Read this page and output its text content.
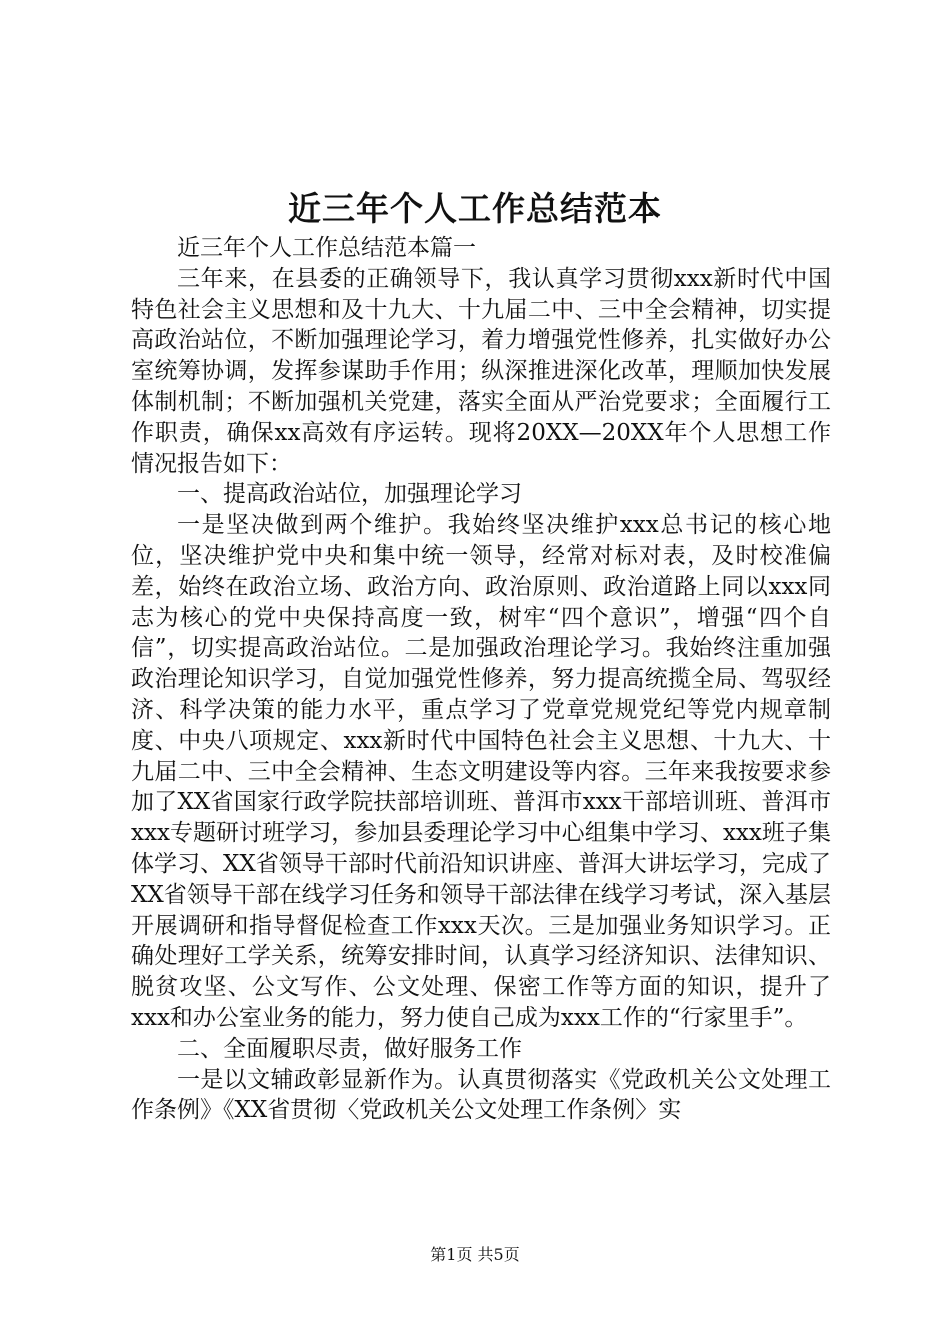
近三年个人工作总结范本

近三年个人工作总结范本篇一

三年来，在县委的正确领导下，我认真学习贯彻xxx新时代中国特色社会主义思想和及十九大、十九届二中、三中全会精神，切实提高政治站位，不断加强理论学习，着力增强党性修养，扎实做好办公室统筹协调，发挥参谋助手作用；纵深推进深化改革，理顺加快发展体制机制；不断加强机关党建，落实全面从严治党要求；全面履行工作职责，确保xx高效有序运转。现将20XX—20XX年个人思想工作情况报告如下：

一、提高政治站位，加强理论学习

一是坚决做到两个维护。我始终坚决维护xxx总书记的核心地位，坚决维护党中央和集中统一领导，经常对标对表，及时校准偏差，始终在政治立场、政治方向、政治原则、政治道路上同以xxx同志为核心的党中央保持高度一致，树牢“四个意识”，增强“四个自信”，切实提高政治站位。二是加强政治理论学习。我始终注重加强政治理论知识学习，自觉加强党性修养，努力提高统揽全局、驾驭经济、科学决策的能力水平，重点学习了党章党规党纪等党内规章制度、中央八项规定、xxx新时代中国特色社会主义思想、十九大、十九届二中、三中全会精神、生态文明建设等内容。三年来我按要求参加了XX省国家行政学院扶部培训班、普洱市xxx干部培训班、普洱市xxx专题研讨班学习，参加县委理论学习中心组集中学习、xxx班子集体学习、XX省领导干部时代前沿知识讲座、普洱大讲坛学习，完成了XX省领导干部在线学习任务和领导干部法律在线学习考试，深入基层开展调研和指导督促检查工作xxx天次。三是加强业务知识学习。正确处理好工学关系，统筹安排时间，认真学习经济知识、法律知识、脱贫攻坚、公文写作、公文处理、保密工作等方面的知识，提升了xxx和办公室业务的能力，努力使自己成为xxx工作的“行家里手”。

二、全面履职尽责，做好服务工作

一是以文辅政彰显新作为。认真贯彻落实《党政机关公文处理工作条例》《XX省贯彻〈党政机关公文处理工作条例〉实

第1页 共5页
